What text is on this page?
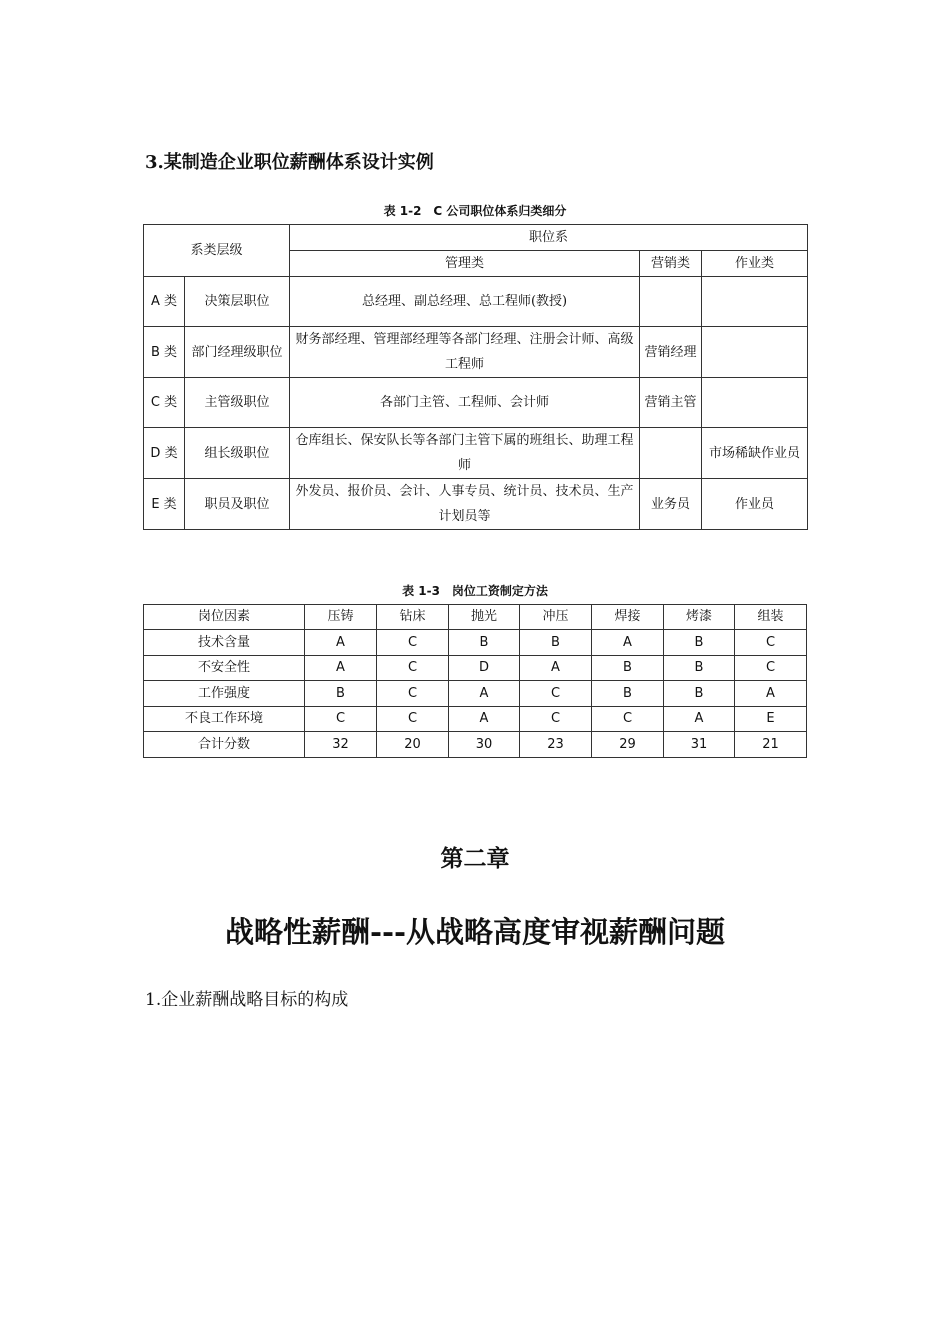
3.某制造企业职位薪酬体系设计实例
表 1-2　C 公司职位体系归类细分
系类层级		职位系		
		管理类	营销类	作业类
A 类	决策层职位	总经理、副总经理、总工程师(教授)		
B 类	部门经理级职位	财务部经理、管理部经理等各部门经理、注册会计师、高级工程师	营销经理	
C 类	主管级职位	各部门主管、工程师、会计师	营销主管	
D 类	组长级职位	仓库组长、保安队长等各部门主管下属的班组长、助理工程师		市场稀缺作业员
E 类	职员及职位	外发员、报价员、会计、人事专员、统计员、技术员、生产计划员等	业务员	作业员
表 1-3　岗位工资制定方法
岗位因素	压铸	钻床	抛光	冲压	焊接	烤漆	组装
技术含量	A	C	B	B	A	B	C
不安全性	A	C	D	A	B	B	C
工作强度	B	C	A	C	B	B	A
不良工作环境	C	C	A	C	C	A	E
合计分数	32	20	30	23	29	31	21
第二章
战略性薪酬---从战略高度审视薪酬问题
1.企业薪酬战略目标的构成
